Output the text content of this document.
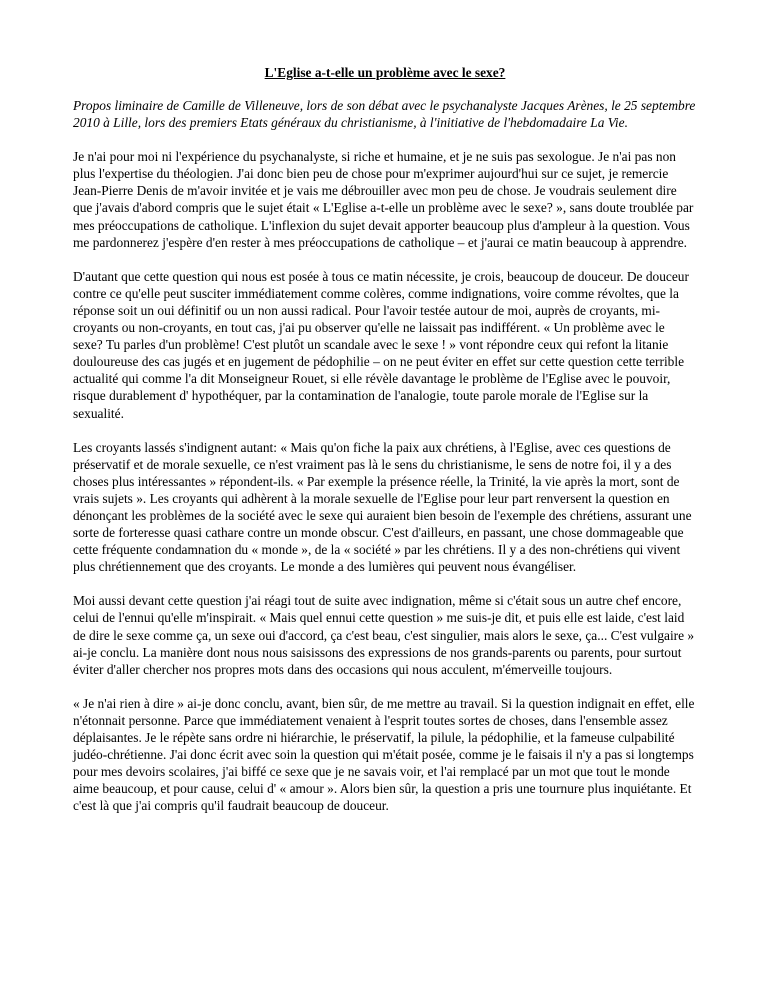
L'Eglise a-t-elle un problème avec le sexe?

Propos liminaire de Camille de Villeneuve, lors de son débat avec le psychanalyste Jacques Arènes, le 25 septembre 2010 à Lille, lors des premiers Etats généraux du christianisme, à l'initiative de l'hebdomadaire La Vie.

Je n'ai pour moi ni l'expérience du psychanalyste, si riche et humaine, et je ne suis pas sexologue. Je n'ai pas non plus l'expertise du théologien. J'ai donc bien peu de chose pour m'exprimer aujourd'hui sur ce sujet, je remercie Jean-Pierre Denis de m'avoir invitée et je vais me débrouiller avec mon peu de chose. Je voudrais seulement dire que j'avais d'abord compris que le sujet était « L'Eglise a-t-elle un problème avec le sexe? », sans doute troublée par mes préoccupations de catholique. L'inflexion du sujet devait apporter beaucoup plus d'ampleur à la question. Vous me pardonnerez j'espère d'en rester à mes préoccupations de catholique – et j'aurai ce matin beaucoup à apprendre.

D'autant que cette question qui nous est posée à tous ce matin nécessite, je crois, beaucoup de douceur. De douceur contre ce qu'elle peut susciter immédiatement comme colères, comme indignations, voire comme révoltes, que la réponse soit un oui définitif ou un non aussi radical. Pour l'avoir testée autour de moi, auprès de croyants, mi-croyants ou non-croyants, en tout cas, j'ai pu observer qu'elle ne laissait pas indifférent. « Un problème avec le sexe? Tu parles d'un problème! C'est plutôt un scandale avec le sexe ! » vont répondre ceux qui refont la litanie douloureuse des cas jugés et en jugement de pédophilie – on ne peut éviter en effet sur cette question cette terrible actualité qui comme l'a dit Monseigneur Rouet, si elle révèle davantage le problème de l'Eglise avec le pouvoir, risque durablement d' hypothéquer, par la contamination de l'analogie, toute parole morale de l'Eglise sur la sexualité.

Les croyants lassés s'indignent autant: « Mais qu'on fiche la paix aux chrétiens, à l'Eglise, avec ces questions de préservatif et de morale sexuelle, ce n'est vraiment pas là le sens du christianisme, le sens de notre foi, il y a des choses plus intéressantes » répondent-ils. « Par exemple la présence réelle, la Trinité, la vie après la mort, sont de vrais sujets ». Les croyants qui adhèrent à la morale sexuelle de l'Eglise pour leur part renversent la question en dénonçant les problèmes de la société avec le sexe qui auraient bien besoin de l'exemple des chrétiens, assurant une sorte de forteresse quasi cathare contre un monde obscur. C'est d'ailleurs, en passant, une chose dommageable que cette fréquente condamnation du « monde », de la « société » par les chrétiens. Il y a des non-chrétiens qui vivent plus chrétiennement que des croyants. Le monde a des lumières qui peuvent nous évangéliser.

Moi aussi devant cette question j'ai réagi tout de suite avec indignation, même si c'était sous un autre chef encore, celui de l'ennui qu'elle m'inspirait. « Mais quel ennui cette question » me suis-je dit, et puis elle est laide, c'est laid de dire le sexe comme ça, un sexe oui d'accord, ça c'est beau, c'est singulier, mais alors le sexe, ça... C'est vulgaire » ai-je conclu. La manière dont nous nous saisissons des expressions de nos grands-parents ou parents, pour surtout éviter d'aller chercher nos propres mots dans des occasions qui nous acculent, m'émerveille toujours.

« Je n'ai rien à dire » ai-je donc conclu, avant, bien sûr, de me mettre au travail. Si la question indignait en effet, elle n'étonnait personne. Parce que immédiatement venaient à l'esprit toutes sortes de choses, dans l'ensemble assez déplaisantes. Je le répète sans ordre ni hiérarchie, le préservatif, la pilule, la pédophilie, et la fameuse culpabilité judéo-chrétienne. J'ai donc écrit avec soin la question qui m'était posée, comme je le faisais il n'y a pas si longtemps pour mes devoirs scolaires, j'ai biffé ce sexe que je ne savais voir, et l'ai remplacé par un mot que tout le monde aime beaucoup, et pour cause, celui d' « amour ». Alors bien sûr, la question a pris une tournure plus inquiétante. Et c'est là que j'ai compris qu'il faudrait beaucoup de douceur.
